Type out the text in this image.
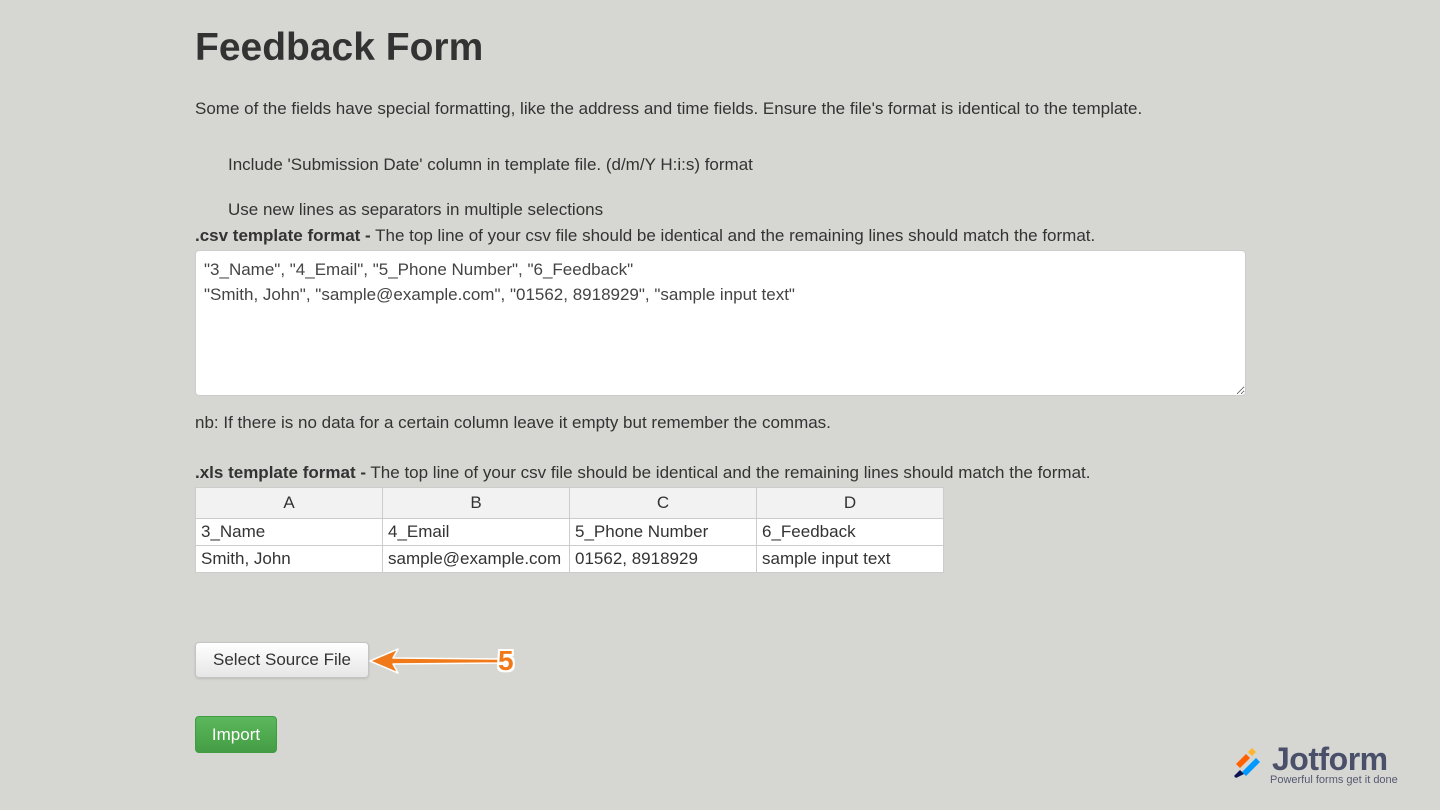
Feedback Form

Some of the fields have special formatting, like the address and time fields. Ensure the file's format is identical to the template.

Include 'Submission Date' column in template file. (d/m/Y H:i:s) format

Use new lines as separators in multiple selections

.csv template format - The top line of your csv file should be identical and the remaining lines should match the format.

"3_Name", "4_Email", "5_Phone Number", "6_Feedback" "Smith, John", "sample@example.com", "01562, 8918929", "sample input text"

nb: If there is no data for a certain column leave it empty but remember the commas.

.xls template format - The top line of your csv file should be identical and the remaining lines should match the format.

A	B	C	D
3_Name	4_Email	5_Phone Number	6_Feedback
Smith, John	sample@example.com	01562, 8918929	sample input text
Select Source File	5
Import
Jotform
Powerful forms get it done
